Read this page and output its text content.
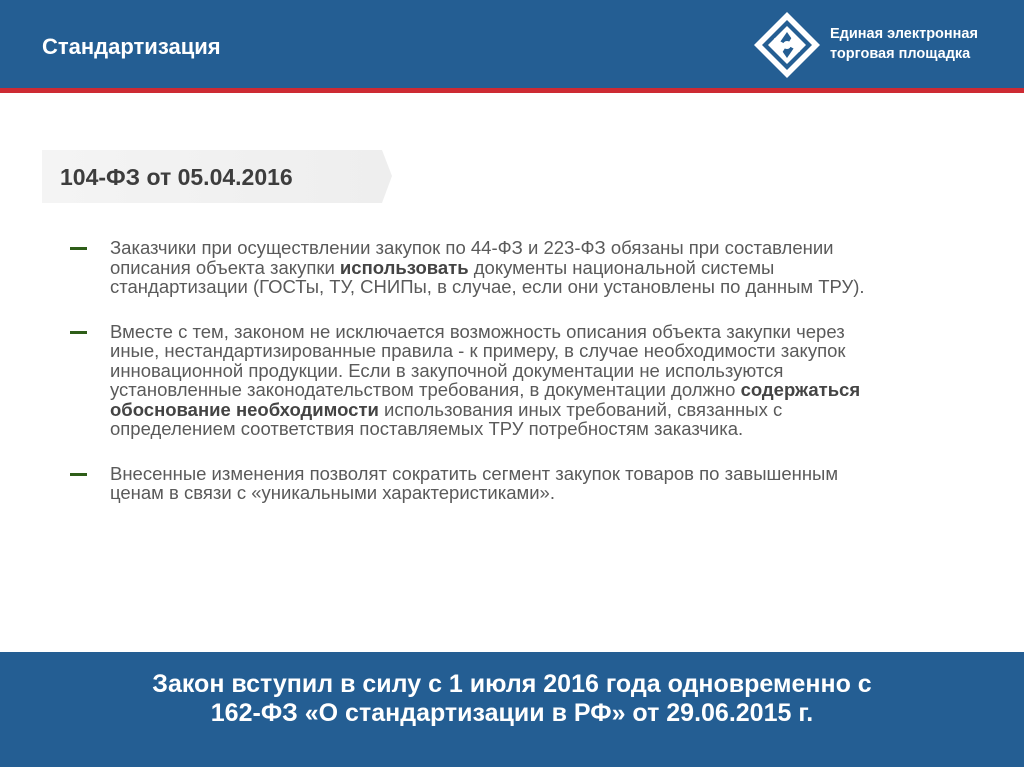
Стандартизация	Единая электронная
торговая площадка
104-ФЗ от 05.04.2016
Заказчики при осуществлении закупок по 44-ФЗ и 223-ФЗ обязаны при составлении описания объекта закупки использовать документы национальной системы стандартизации (ГОСТы, ТУ, СНИПы, в случае, если они установлены по данным ТРУ).
Вместе с тем, законом не исключается возможность описания объекта закупки через иные, нестандартизированные правила - к примеру, в случае необходимости закупок инновационной продукции. Если в закупочной документации не используются установленные законодательством требования, в документации должно содержаться обоснование необходимости использования иных требований, связанных с определением соответствия поставляемых ТРУ потребностям заказчика.
Внесенные изменения позволят сократить сегмент закупок товаров по завышенным ценам в связи с «уникальными характеристиками».
Закон вступил в силу с 1 июля 2016 года одновременно с
162-ФЗ «О стандартизации в РФ» от 29.06.2015 г.
